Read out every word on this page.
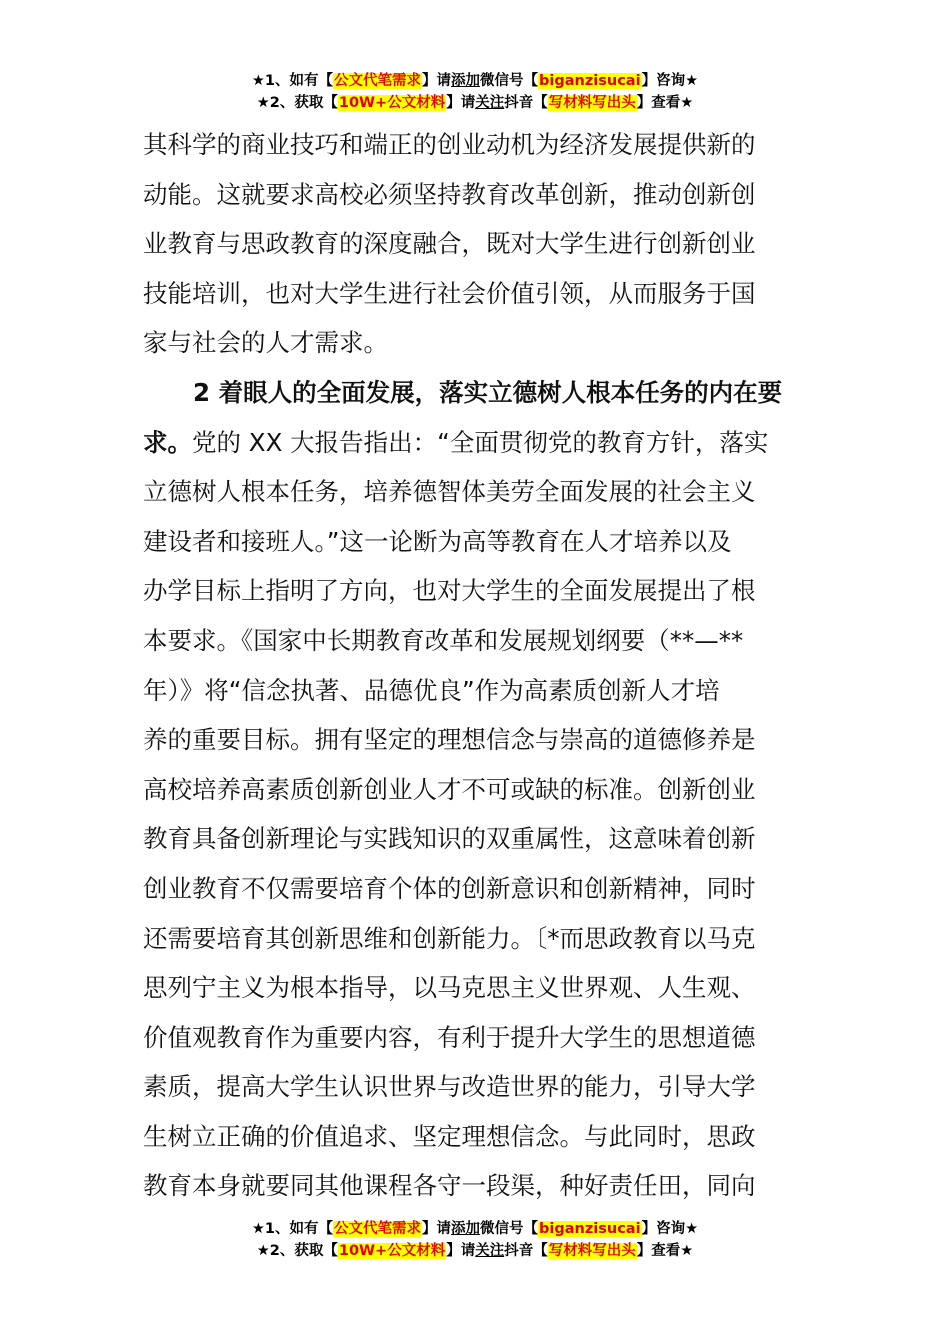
★1、如有【公文代笔需求】请添加微信号【biganzisucai】咨询★
★2、获取【10W+公文材料】请关注抖音【写材料写出头】查看★
其科学的商业技巧和端正的创业动机为经济发展提供新的
动能。这就要求高校必须坚持教育改革创新，推动创新创
业教育与思政教育的深度融合，既对大学生进行创新创业
技能培训，也对大学生进行社会价值引领，从而服务于国
家与社会的人才需求。
2 着眼人的全面发展，落实立德树人根本任务的内在要
求。党的 XX 大报告指出：“全面贯彻党的教育方针，落实
立德树人根本任务，培养德智体美劳全面发展的社会主义
建设者和接班人。”这一论断为高等教育在人才培养以及
办学目标上指明了方向，也对大学生的全面发展提出了根
本要求。《国家中长期教育改革和发展规划纲要（**—**
年）》将“信念执著、品德优良”作为高素质创新人才培
养的重要目标。拥有坚定的理想信念与崇高的道德修养是
高校培养高素质创新创业人才不可或缺的标准。创新创业
教育具备创新理论与实践知识的双重属性，这意味着创新
创业教育不仅需要培育个体的创新意识和创新精神，同时
还需要培育其创新思维和创新能力。〔*而思政教育以马克
思列宁主义为根本指导，以马克思主义世界观、人生观、
价值观教育作为重要内容，有利于提升大学生的思想道德
素质，提高大学生认识世界与改造世界的能力，引导大学
生树立正确的价值追求、坚定理想信念。与此同时，思政
教育本身就要同其他课程各守一段渠，种好责任田，同向
★1、如有【公文代笔需求】请添加微信号【biganzisucai】咨询★
★2、获取【10W+公文材料】请关注抖音【写材料写出头】查看★
